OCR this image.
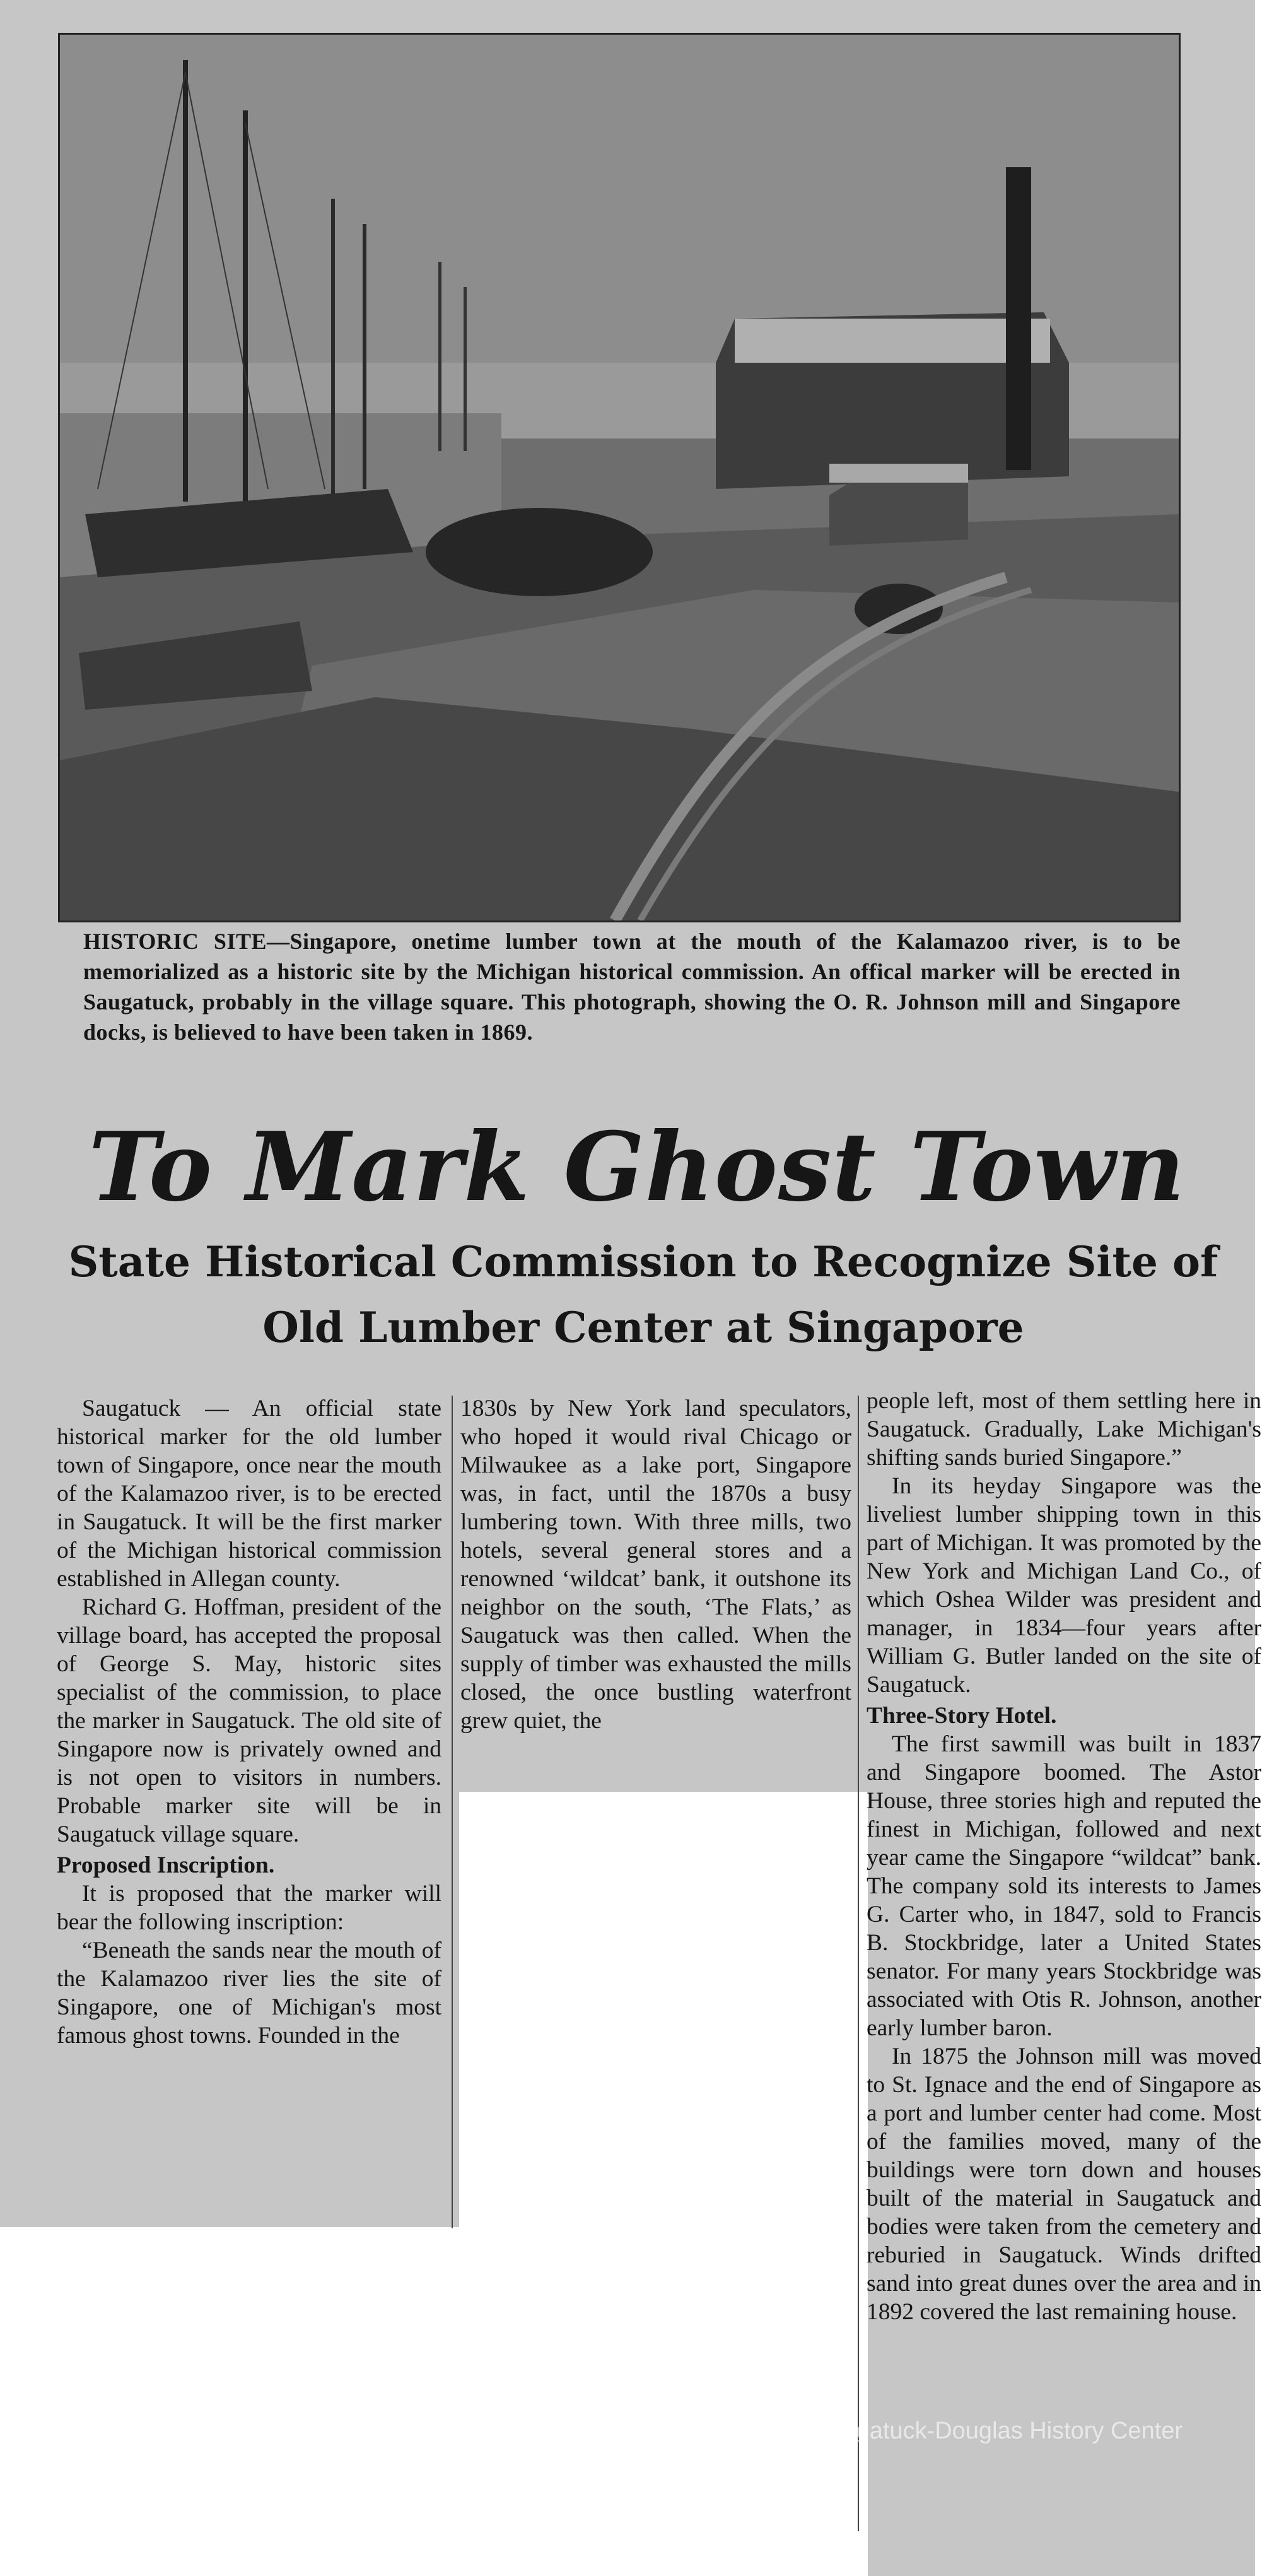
HISTORIC SITE—Singapore, onetime lumber town at the mouth of the Kalamazoo river, is to be memorialized as a historic site by the Michigan historical commission. An offical marker will be erected in Saugatuck, probably in the village square. This photograph, showing the O. R. Johnson mill and Singapore docks, is believed to have been taken in 1869.
To Mark Ghost Town
State Historical Commission to Recognize Site of Old Lumber Center at Singapore

Saugatuck — An official state historical marker for the old lumber town of Singapore, once near the mouth of the Kalamazoo river, is to be erected in Saugatuck. It will be the first marker of the Michigan historical commission established in Allegan county.

Richard G. Hoffman, president of the village board, has accepted the proposal of George S. May, historic sites specialist of the commission, to place the marker in Saugatuck. The old site of Singapore now is privately owned and is not open to visitors in numbers. Probable marker site will be in Saugatuck village square.

Proposed Inscription.

It is proposed that the marker will bear the following inscription:

“Beneath the sands near the mouth of the Kalamazoo river lies the site of Singapore, one of Michigan's most famous ghost towns. Founded in the

1830s by New York land speculators, who hoped it would rival Chicago or Milwaukee as a lake port, Singapore was, in fact, until the 1870s a busy lumbering town. With three mills, two hotels, several general stores and a renowned ‘wildcat’ bank, it outshone its neighbor on the south, ‘The Flats,’ as Saugatuck was then called. When the supply of timber was exhausted the mills closed, the once bustling waterfront grew quiet, the

people left, most of them settling here in Saugatuck. Gradually, Lake Michigan's shifting sands buried Singapore.”

In its heyday Singapore was the liveliest lumber shipping town in this part of Michigan. It was promoted by the New York and Michigan Land Co., of which Oshea Wilder was president and manager, in 1834—four years after William G. Butler landed on the site of Saugatuck.

Three-Story Hotel.

The first sawmill was built in 1837 and Singapore boomed. The Astor House, three stories high and reputed the finest in Michigan, followed and next year came the Singapore “wildcat” bank. The company sold its interests to James G. Carter who, in 1847, sold to Francis B. Stockbridge, later a United States senator. For many years Stockbridge was associated with Otis R. Johnson, another early lumber baron.

In 1875 the Johnson mill was moved to St. Ignace and the end of Singapore as a port and lumber center had come. Most of the families moved, many of the buildings were torn down and houses built of the material in Saugatuck and bodies were taken from the cemetery and reburied in Saugatuck. Winds drifted sand into great dunes over the area and in 1892 covered the last remaining house.

Saugatuck-Douglas History Center
